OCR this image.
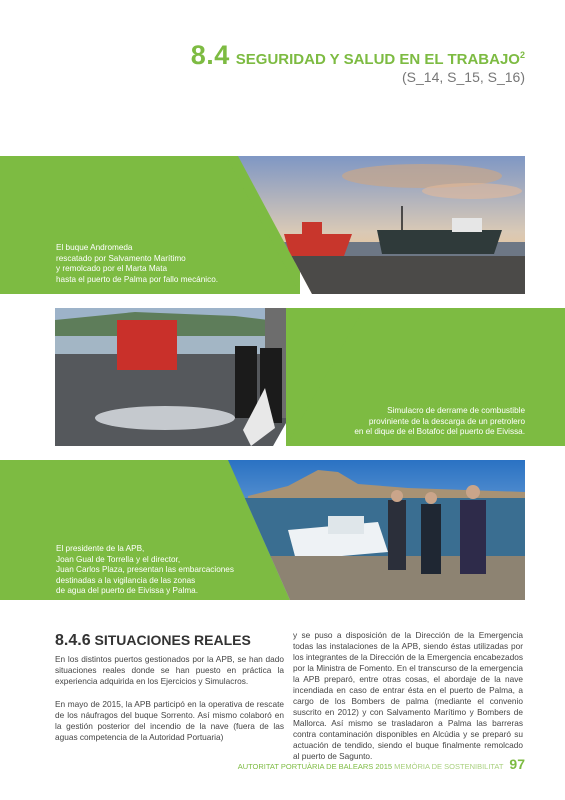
8.4 SEGURIDAD Y SALUD EN EL TRABAJO$^2$
(S_14, S_15, S_16)
El buque Andromeda
rescatado por Salvamento Marítimo
y remolcado por el Marta Mata
hasta el puerto de Palma por fallo mecánico.
Simulacro de derrame de combustible
proviniente de la descarga de un pretrolero
en el dique de el Botafoc del puerto de Eivissa.
El presidente de la APB,
Joan Gual de Torrella y el director,
Juan Carlos Plaza, presentan las embarcaciones
destinadas a la vigilancia de las zonas
de agua del puerto de Eivissa y Palma.
8.4.6 SITUACIONES REALES

En los distintos puertos gestionados por la APB, se han dado situaciones reales donde se han puesto en práctica la experiencia adquirida en los Ejercicios y Simulacros.

En mayo de 2015, la APB participó en la operativa de rescate de los náufragos del buque Sorrento. Así mismo colaboró en la gestión posterior del incendio de la nave (fuera de las aguas competencia de la Autoridad Portuaria)

y se puso a disposición de la Dirección de la Emergencia todas las instalaciones de la APB, siendo éstas utilizadas por los integrantes de la Dirección de la Emergencia encabezados por la Ministra de Fomento. En el transcurso de la emergencia la APB preparó, entre otras cosas, el abordaje de la nave incendiada en caso de entrar ésta en el puerto de Palma, a cargo de los Bombers de palma (mediante el convenio suscrito en 2012) y con Salvamento Marítimo y Bombers de Mallorca. Así mismo se trasladaron a Palma las barreras contra contaminación disponibles en Alcúdia y se preparó su actuación de tendido, siendo el buque finalmente remolcado al puerto de Sagunto.

AUTORITAT PORTUÀRIA DE BALEARS 2015 MEMÒRIA DE SOSTENIBILITAT 97
